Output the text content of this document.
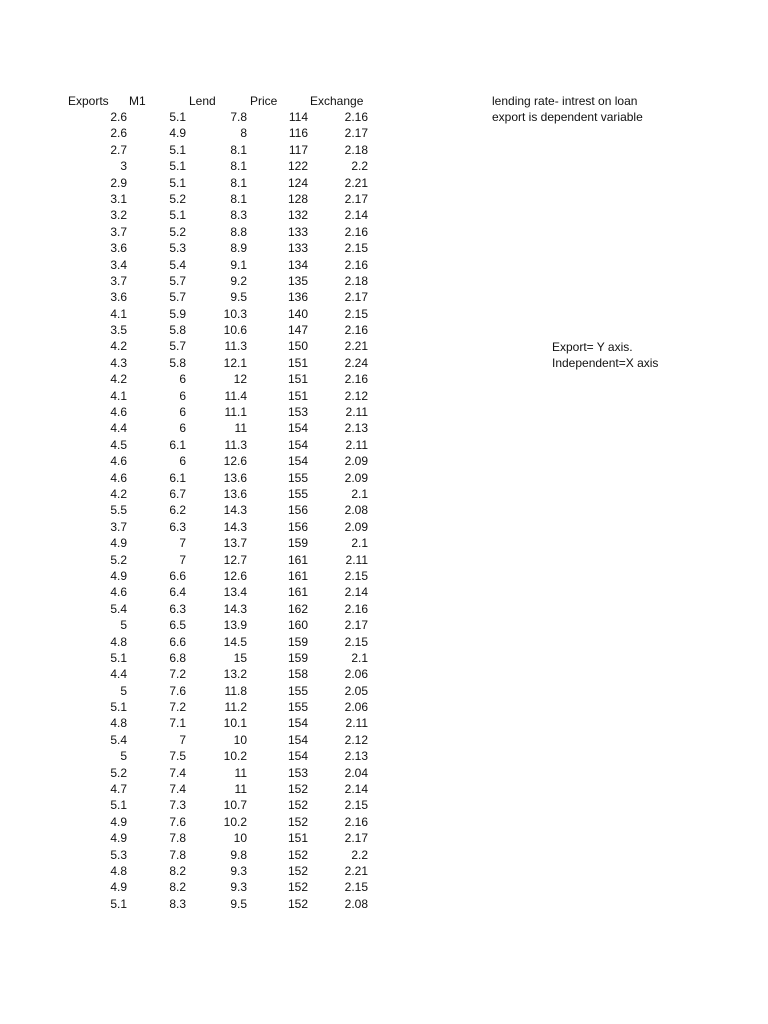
Exports M1	Lend	Price	Exchange
2.6	5.1	7.8	114	2.16
2.6	4.9	8	116	2.17
2.7	5.1	8.1	117	2.18
3	5.1	8.1	122	2.2
2.9	5.1	8.1	124	2.21
3.1	5.2	8.1	128	2.17
3.2	5.1	8.3	132	2.14
3.7	5.2	8.8	133	2.16
3.6	5.3	8.9	133	2.15
3.4	5.4	9.1	134	2.16
3.7	5.7	9.2	135	2.18
3.6	5.7	9.5	136	2.17
4.1	5.9	10.3	140	2.15
3.5	5.8	10.6	147	2.16
4.2	5.7	11.3	150	2.21
4.3	5.8	12.1	151	2.24
4.2	6	12	151	2.16
4.1	6	11.4	151	2.12
4.6	6	11.1	153	2.11
4.4	6	11	154	2.13
4.5	6.1	11.3	154	2.11
4.6	6	12.6	154	2.09
4.6	6.1	13.6	155	2.09
4.2	6.7	13.6	155	2.1
5.5	6.2	14.3	156	2.08
3.7	6.3	14.3	156	2.09
4.9	7	13.7	159	2.1
5.2	7	12.7	161	2.11
4.9	6.6	12.6	161	2.15
4.6	6.4	13.4	161	2.14
5.4	6.3	14.3	162	2.16
5	6.5	13.9	160	2.17
4.8	6.6	14.5	159	2.15
5.1	6.8	15	159	2.1
4.4	7.2	13.2	158	2.06
5	7.6	11.8	155	2.05
5.1	7.2	11.2	155	2.06
4.8	7.1	10.1	154	2.11
5.4	7	10	154	2.12
5	7.5	10.2	154	2.13
5.2	7.4	11	153	2.04
4.7	7.4	11	152	2.14
5.1	7.3	10.7	152	2.15
4.9	7.6	10.2	152	2.16
4.9	7.8	10	151	2.17
5.3	7.8	9.8	152	2.2
4.8	8.2	9.3	152	2.21
4.9	8.2	9.3	152	2.15
5.1	8.3	9.5	152	2.08
lending rate- intrest on loan
export is dependent variable
Export= Y axis.
Independent=X axis
